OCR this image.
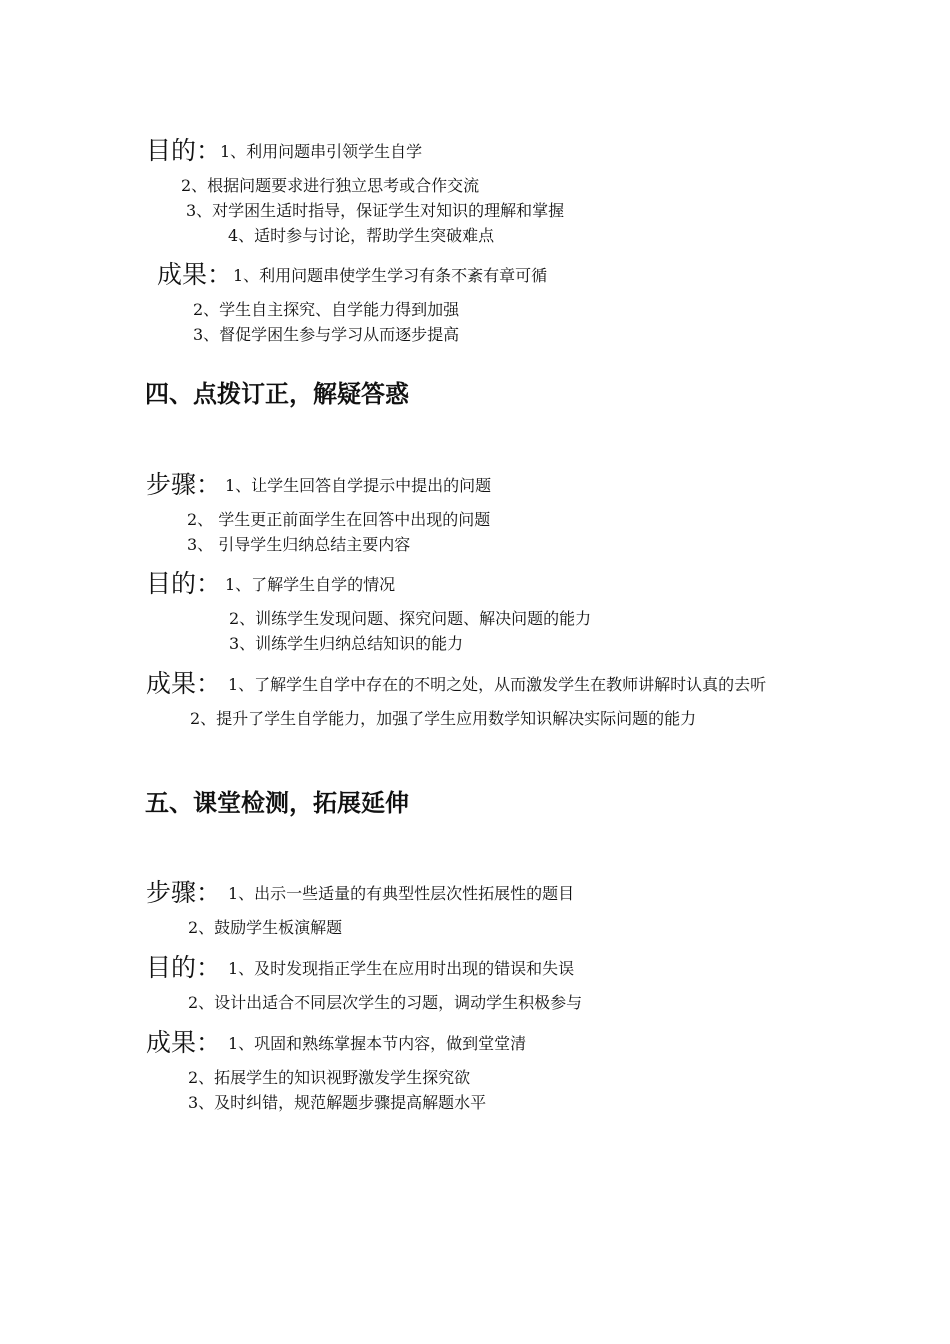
目的：
1、利用问题串引领学生自学
2、根据问题要求进行独立思考或合作交流
3、对学困生适时指导，保证学生对知识的理解和掌握
4、适时参与讨论，帮助学生突破难点
成果： 1、利用问题串使学生学习有条不紊有章可循
2、学生自主探究、自学能力得到加强
3、督促学困生参与学习从而逐步提高
四、点拨订正，解疑答惑
步骤： 1、让学生回答自学提示中提出的问题
2、 学生更正前面学生在回答中出现的问题
3、 引导学生归纳总结主要内容
目的： 1、了解学生自学的情况
2、训练学生发现问题、探究问题、解决问题的能力
3、训练学生归纳总结知识的能力
成果： 1、了解学生自学中存在的不明之处，从而激发学生在教师讲解时认真的去听
2、提升了学生自学能力，加强了学生应用数学知识解决实际问题的能力
五、课堂检测，拓展延伸
步骤： 1、出示一些适量的有典型性层次性拓展性的题目
2、鼓励学生板演解题
目的： 1、及时发现指正学生在应用时出现的错误和失误
2、设计出适合不同层次学生的习题，调动学生积极参与
成果： 1、巩固和熟练掌握本节内容，做到堂堂清
2、拓展学生的知识视野激发学生探究欲
3、及时纠错，规范解题步骤提高解题水平
